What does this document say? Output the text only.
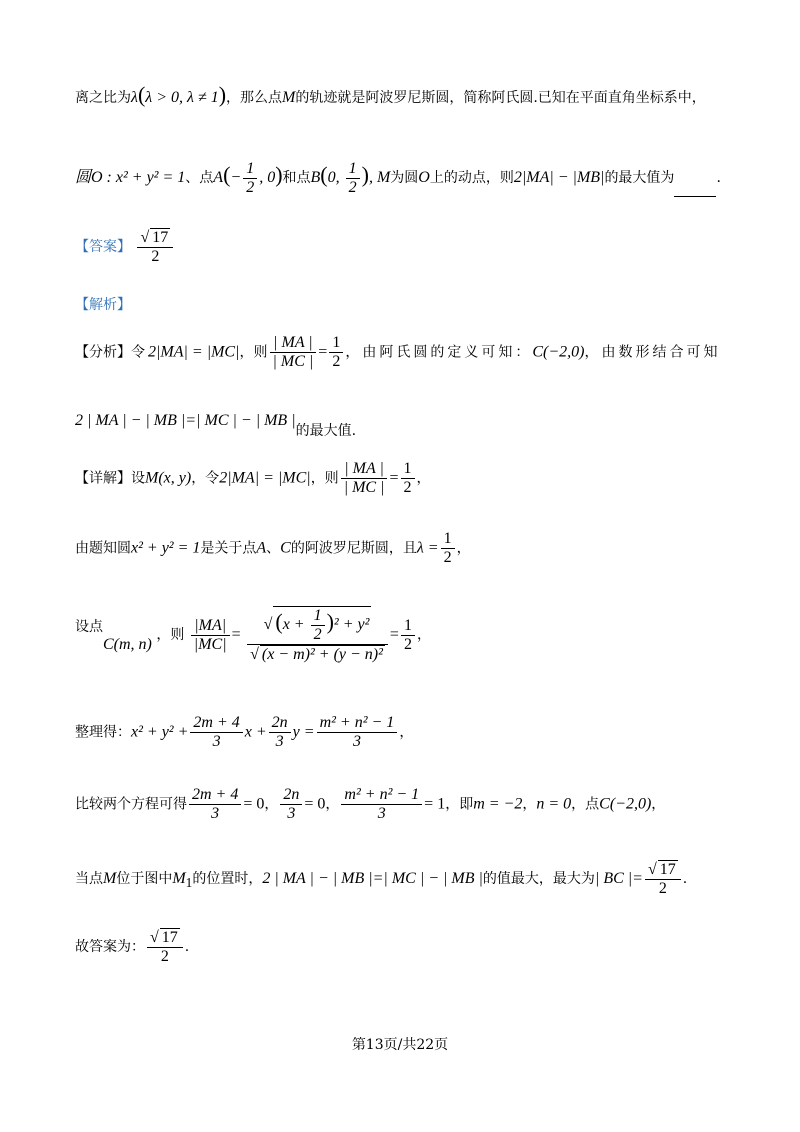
离之比为λ(λ > 0, λ ≠ 1)，那么点M的轨迹就是阿波罗尼斯圆，简称阿氏圆.已知在平面直角坐标系中，
圆O : x² + y² = 1、点$A(- \frac{1}{2}$ , 0)和点B(0, $\frac{1}{2}$ ), M为圆O上的动点，则2|MA| − |MB|的最大值为	.
【答案】 $\frac{√ 17}{2}$
【解析】
【分析】令2|MA| = |MC|，则 $\frac{| MA |}{| MC |} = \frac{1}{2}$ ，由阿氏圆的定义可知：C(−2,0)，由数形结合可知
2 | MA | − | MB |=| MC | − | MB |的最大值.
【详解】设M(x, y)，令2|MA| = |MC|，则 $\frac{| MA |}{| MC |} = \frac{1}{2}$ ，
由题知圆x² + y² = 1是关于点A、C的阿波罗尼斯圆，且$\lambda = \frac{1}{2}$ ，
设点
C(m, n)
，则 $\frac{|MA|}{|MC|} = \frac{√ (x + \frac{1}{2} )^2 + y^2}{\text{√ (x − m)² + (y − n)²}} = \frac{1}{2}$ ，
整理得：$x^2 + y^2 + \frac{2m + 4}{3}$ $x + \frac{2n}{3}$ $y = \frac{\text{m² + n² − 1}}{3}$ ，
比较两个方程可得 $\frac{2m + 4}{3} = 0$， $\frac{2n}{3} = 0$， $\frac{\text{m² + n² − 1}}{3} = 1$，即m = −2，n = 0，点C(−2,0)，
当点M位于图中$M_1$的位置时，2 | MA | − | MB |=| MC | − | MB |的值最大，最大为| BC |= $\frac{√ 17}{2}$ .
故答案为： $\frac{√ 17}{2}$ .
第13页/共22页
